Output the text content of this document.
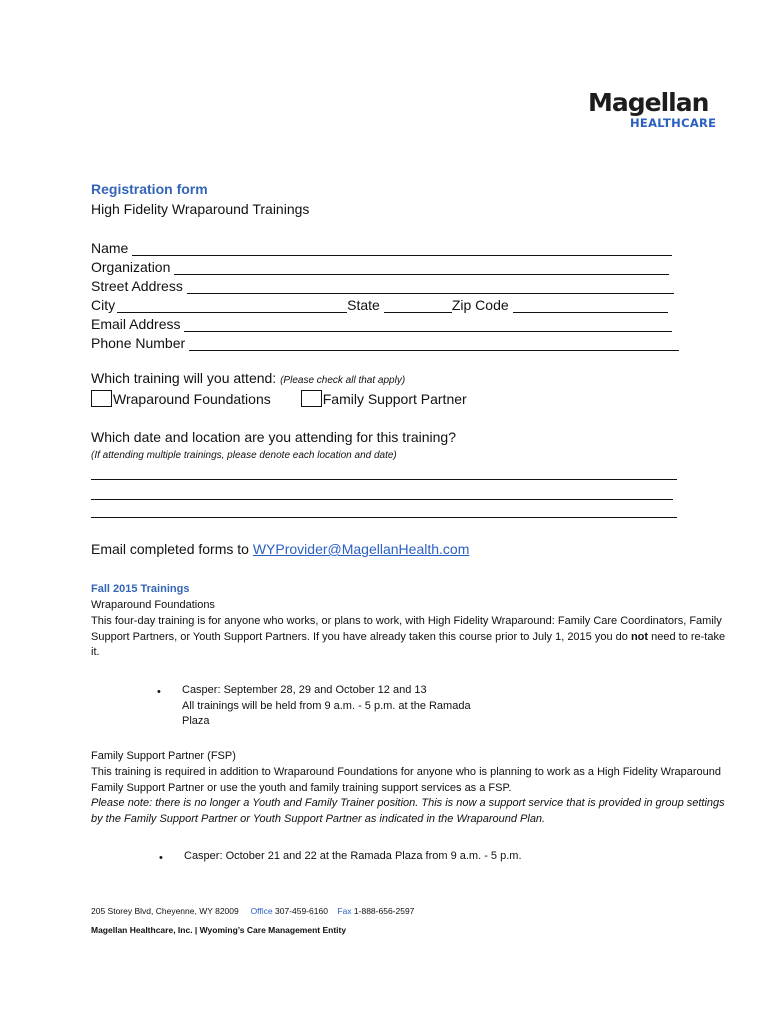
Magellan
HEALTHCARE
Registration form
High Fidelity Wraparound Trainings
Name
Organization
Street Address
City	State	Zip Code
Email Address
Phone Number
Which training will you attend: (Please check all that apply)
Wraparound Foundations	Family Support Partner
Which date and location are you attending for this training?
(If attending multiple trainings, please denote each location and date)
Email completed forms to WYProvider@MagellanHealth.com
Fall 2015 Trainings
Wraparound Foundations
This four-day training is for anyone who works, or plans to work, with High Fidelity Wraparound: Family Care Coordinators, Family Support Partners, or Youth Support Partners. If you have already taken this course prior to July 1, 2015 you do not need to re-take it.
• Casper: September 28, 29 and October 12 and 13
All trainings will be held from 9 a.m. - 5 p.m. at the Ramada
Plaza
Family Support Partner (FSP)
This training is required in addition to Wraparound Foundations for anyone who is planning to work as a High Fidelity Wraparound Family Support Partner or use the youth and family training support services as a FSP.
Please note: there is no longer a Youth and Family Trainer position. This is now a support service that is provided in group settings by the Family Support Partner or Youth Support Partner as indicated in the Wraparound Plan.
• Casper: October 21 and 22 at the Ramada Plaza from 9 a.m. - 5 p.m.
205 Storey Blvd, Cheyenne, WY 82009 Office 307-459-6160 Fax 1-888-656-2597
Magellan Healthcare, Inc. | Wyoming’s Care Management Entity
